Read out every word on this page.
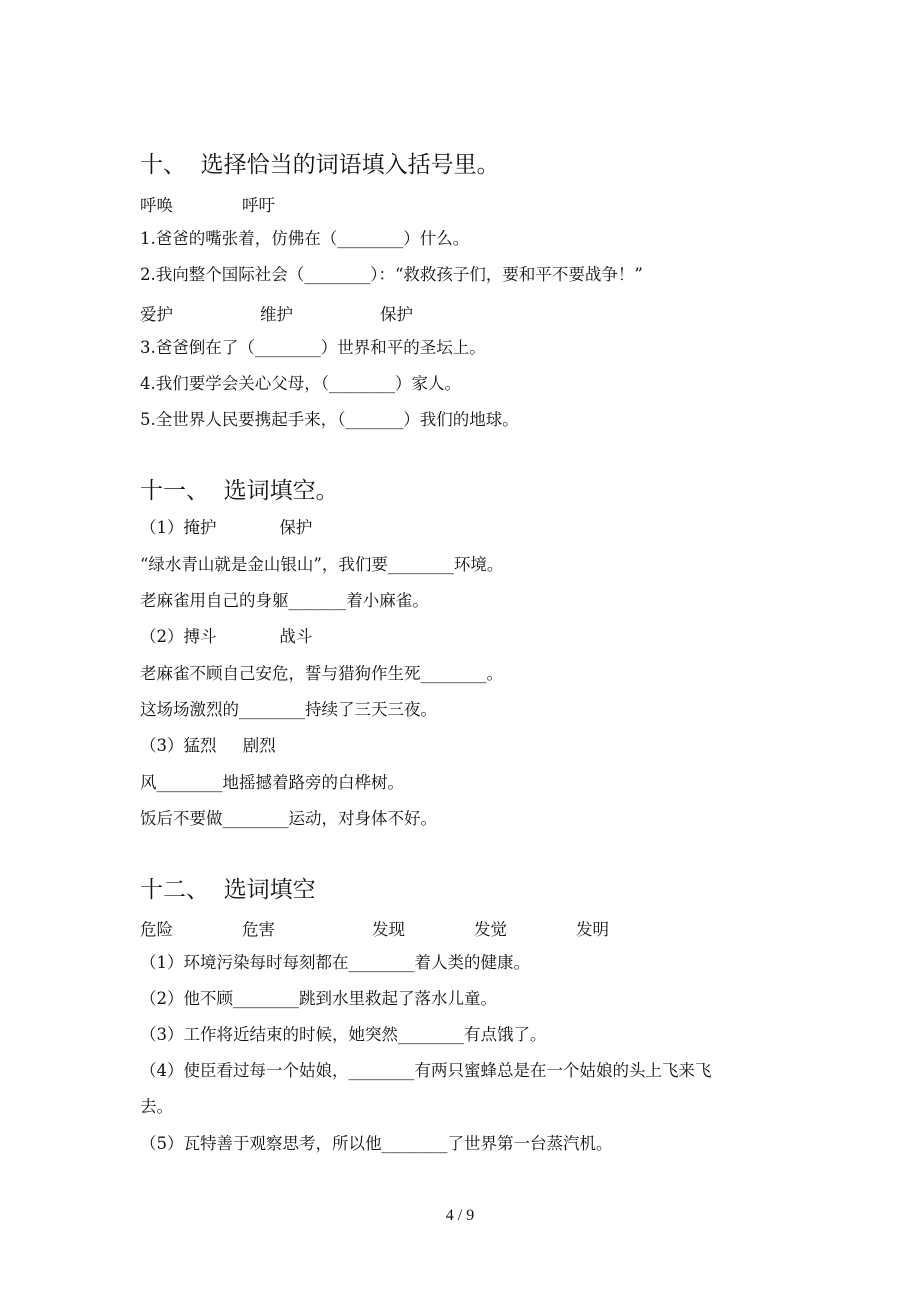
十、  选择恰当的词语填入括号里。
呼唤	呼吁
1.爸爸的嘴张着，仿佛在（________）什么。
2.我向整个国际社会（________）：“救救孩子们，要和平不要战争！”
爱护	维护	保护
3.爸爸倒在了（________）世界和平的圣坛上。
4.我们要学会关心父母，（________）家人。
5.全世界人民要携起手来，（_______）我们的地球。
十一、  选词填空。
（1）掩护            保护
“绿水青山就是金山银山”，我们要________环境。
老麻雀用自己的身躯_______着小麻雀。
（2）搏斗            战斗
老麻雀不顾自己安危，誓与猎狗作生死________。
这场场激烈的________持续了三天三夜。
（3）猛烈     剧烈
风________地摇撼着路旁的白桦树。
饭后不要做________运动，对身体不好。
十二、  选词填空
危险	危害	发现	发觉	发明
（1）环境污染每时每刻都在________着人类的健康。
（2）他不顾________跳到水里救起了落水儿童。
（3）工作将近结束的时候，她突然________有点饿了。
（4）使臣看过每一个姑娘，________有两只蜜蜂总是在一个姑娘的头上飞来飞
去。
（5）瓦特善于观察思考，所以他________了世界第一台蒸汽机。
4 / 9
